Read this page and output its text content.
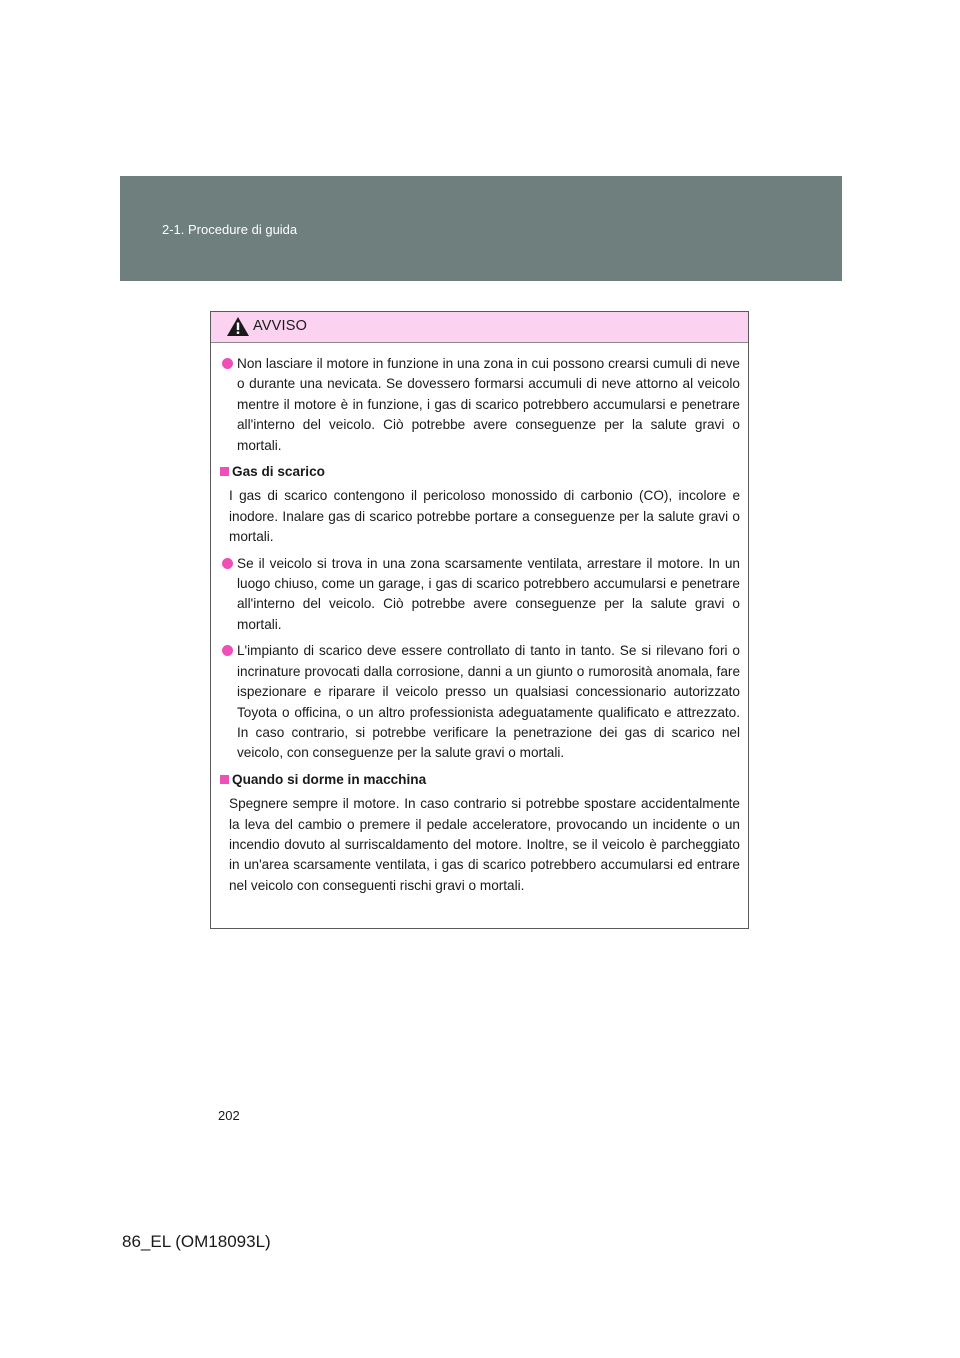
2-1. Procedure di guida
AVVISO
Non lasciare il motore in funzione in una zona in cui possono crearsi cumuli di neve o durante una nevicata. Se dovessero formarsi accumuli di neve attorno al veicolo mentre il motore è in funzione, i gas di scarico potrebbero accumularsi e penetrare all'interno del veicolo. Ciò potrebbe avere conseguenze per la salute gravi o mortali.
Gas di scarico
I gas di scarico contengono il pericoloso monossido di carbonio (CO), incolore e inodore. Inalare gas di scarico potrebbe portare a conseguenze per la salute gravi o mortali.
Se il veicolo si trova in una zona scarsamente ventilata, arrestare il motore. In un luogo chiuso, come un garage, i gas di scarico potrebbero accumularsi e penetrare all'interno del veicolo. Ciò potrebbe avere conseguenze per la salute gravi o mortali.
L'impianto di scarico deve essere controllato di tanto in tanto. Se si rilevano fori o incrinature provocati dalla corrosione, danni a un giunto o rumorosità anomala, fare ispezionare e riparare il veicolo presso un qualsiasi concessionario autorizzato Toyota o officina, o un altro professionista adeguatamente qualificato e attrezzato. In caso contrario, si potrebbe verificare la penetrazione dei gas di scarico nel veicolo, con conseguenze per la salute gravi o mortali.
Quando si dorme in macchina
Spegnere sempre il motore. In caso contrario si potrebbe spostare accidentalmente la leva del cambio o premere il pedale acceleratore, provocando un incidente o un incendio dovuto al surriscaldamento del motore. Inoltre, se il veicolo è parcheggiato in un'area scarsamente ventilata, i gas di scarico potrebbero accumularsi ed entrare nel veicolo con conseguenti rischi gravi o mortali.
202
86_EL (OM18093L)
